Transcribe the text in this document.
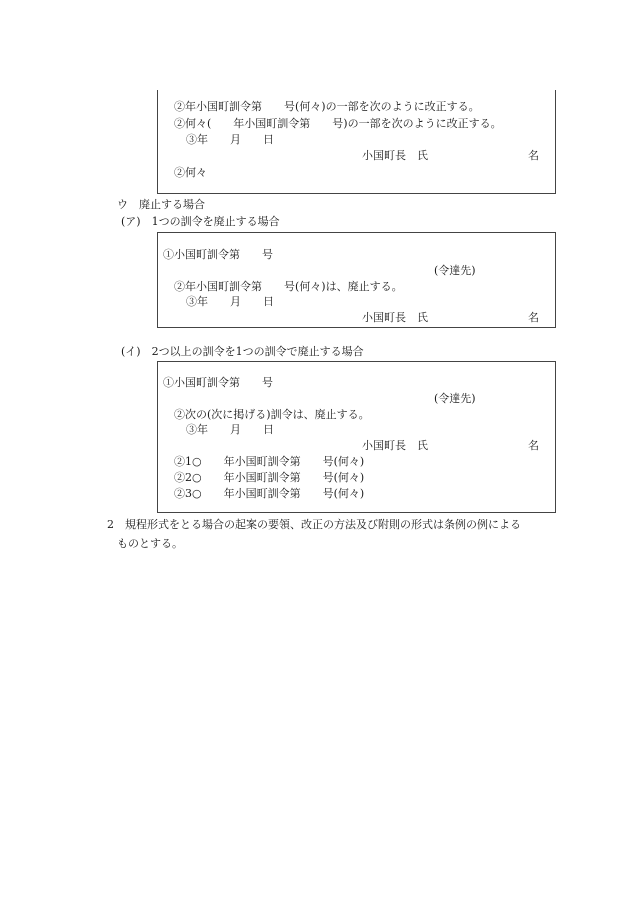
②年小国町訓令第　　号(何々)の一部を次のように改正する。
②何々(　　年小国町訓令第　　号)の一部を次のように改正する。
③年　　月　　日
小国町長　氏	名
②何々
ウ　廃止する場合
(ア)　1つの訓令を廃止する場合
①小国町訓令第　　号
(令達先)
②年小国町訓令第　　号(何々)は、廃止する。
③年　　月　　日
小国町長　氏	名
(イ)　2つ以上の訓令を1つの訓令で廃止する場合
①小国町訓令第　　号
(令達先)
②次の(次に掲げる)訓令は、廃止する。
③年　　月　　日
小国町長　氏	名
②1○　　年小国町訓令第　　号(何々)
②2○　　年小国町訓令第　　号(何々)
②3○　　年小国町訓令第　　号(何々)
2　規程形式をとる場合の起案の要領、改正の方法及び附則の形式は条例の例による
ものとする。
